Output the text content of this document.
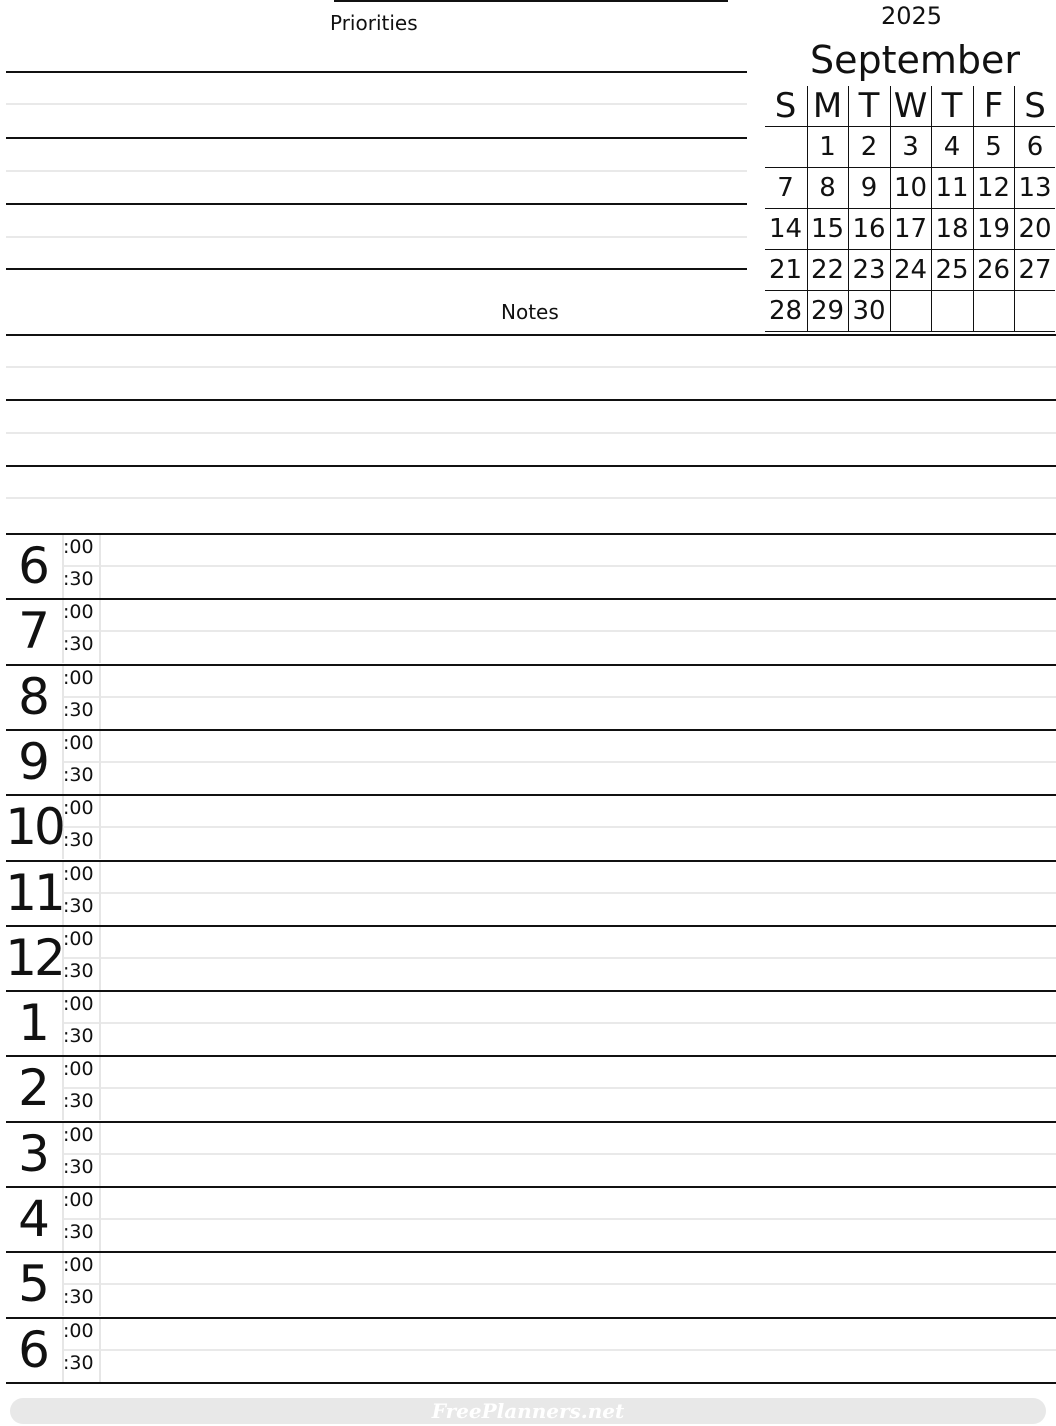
Priorities	2025
September
Notes
S M T W T F S
1 2 3 4 5 6
7 8 9 10 11 12 13
14 15 16 17 18 19 20
21 22 23 24 25 26 27
28 29 30
6 :00
:30
7 :00
:30
8 :00
:30
9 :00
:30
10 :00
:30
11 :00
:30
12 :00
:30
1 :00
:30
2 :00
:30
3 :00
:30
4 :00
:30
5 :00
:30
6 :00
:30
FreePlanners.net
